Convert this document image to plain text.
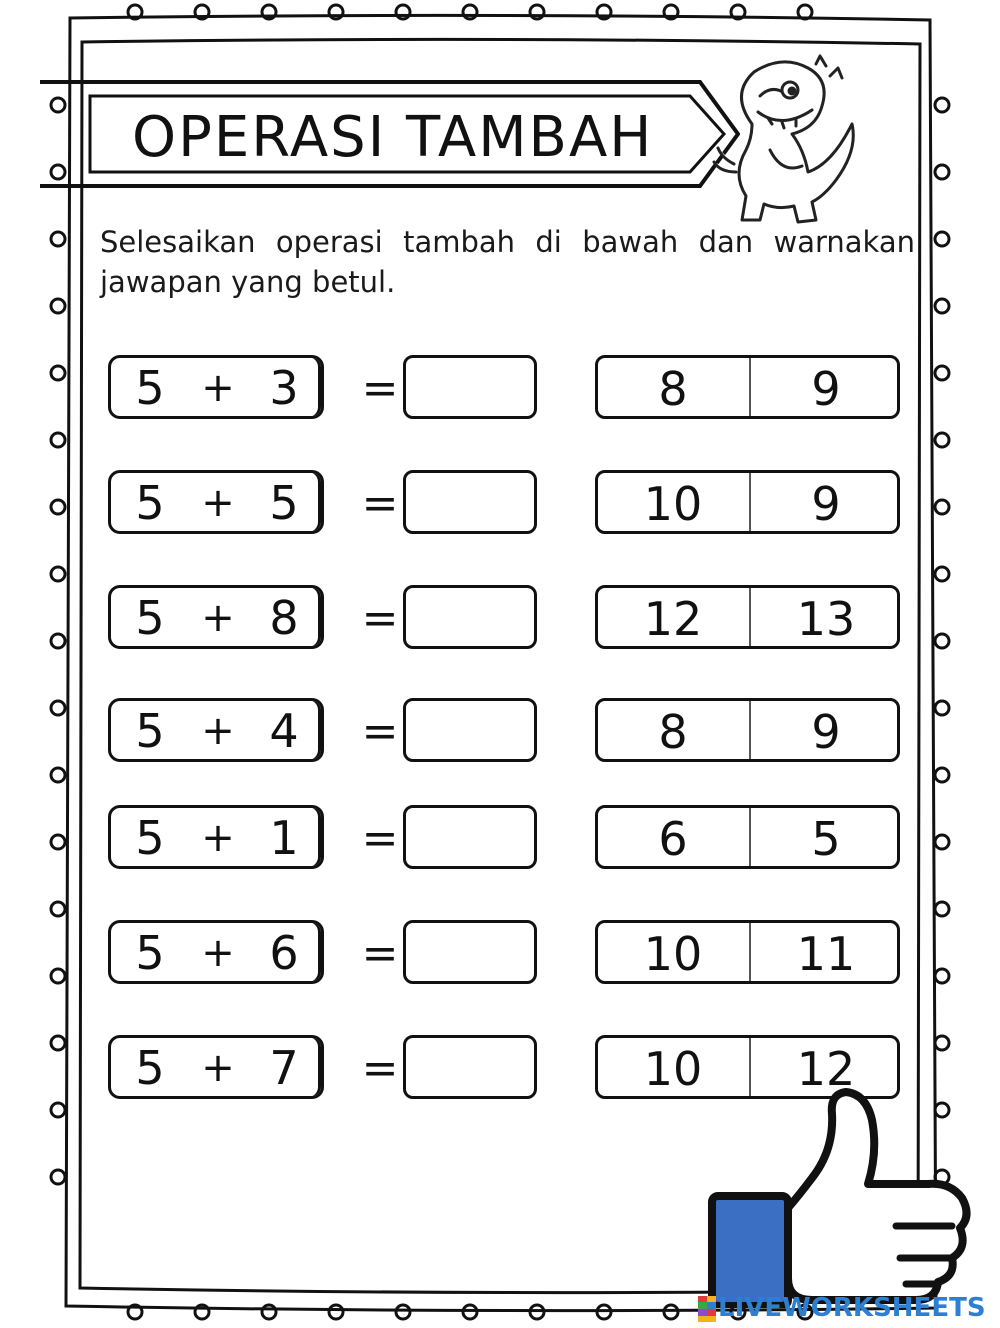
OPERASI TAMBAH
Selesaikan operasi tambah di bawah dan warnakan jawapan yang betul.
5 + 3 =	8	9
5 + 5 =	10	9
5 + 8 =	12	13
5 + 4 =	8	9
5 + 1 =	6	5
5 + 6 =	10	11
5 + 7 =	10	12
LIVEWORKSHEETS
